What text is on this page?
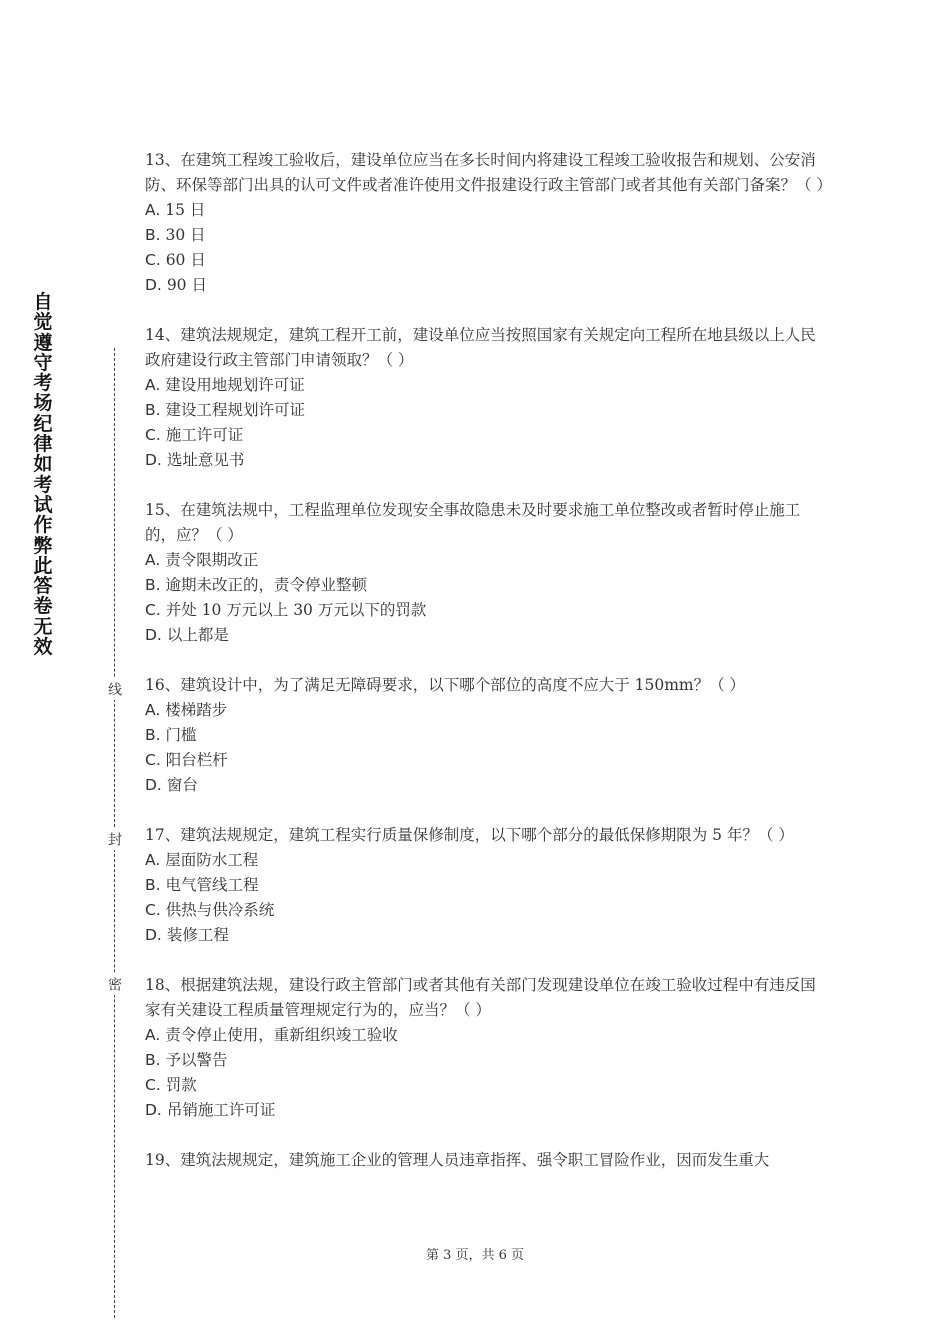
自觉遵守考场纪律如考试作弊此答卷无效
线
封
密

13、在建筑工程竣工验收后，建设单位应当在多长时间内将建设工程竣工验收报告和规划、公安消防、环保等部门出具的认可文件或者准许使用文件报建设行政主管部门或者其他有关部门备案？（ ）

A. 15 日
B. 30 日
C. 60 日
D. 90 日

14、建筑法规规定，建筑工程开工前，建设单位应当按照国家有关规定向工程所在地县级以上人民政府建设行政主管部门申请领取？（ ）

A. 建设用地规划许可证
B. 建设工程规划许可证
C. 施工许可证
D. 选址意见书

15、在建筑法规中，工程监理单位发现安全事故隐患未及时要求施工单位整改或者暂时停止施工的，应？（ ）

A. 责令限期改正
B. 逾期未改正的，责令停业整顿
C. 并处 10 万元以上 30 万元以下的罚款
D. 以上都是

16、建筑设计中，为了满足无障碍要求，以下哪个部位的高度不应大于 150mm？（ ）

A. 楼梯踏步
B. 门槛
C. 阳台栏杆
D. 窗台

17、建筑法规规定，建筑工程实行质量保修制度，以下哪个部分的最低保修期限为 5 年？（ ）

A. 屋面防水工程
B. 电气管线工程
C. 供热与供冷系统
D. 装修工程

18、根据建筑法规，建设行政主管部门或者其他有关部门发现建设单位在竣工验收过程中有违反国家有关建设工程质量管理规定行为的，应当？（ ）

A. 责令停止使用，重新组织竣工验收
B. 予以警告
C. 罚款
D. 吊销施工许可证

19、建筑法规规定，建筑施工企业的管理人员违章指挥、强令职工冒险作业，因而发生重大

第 3 页，共 6 页
